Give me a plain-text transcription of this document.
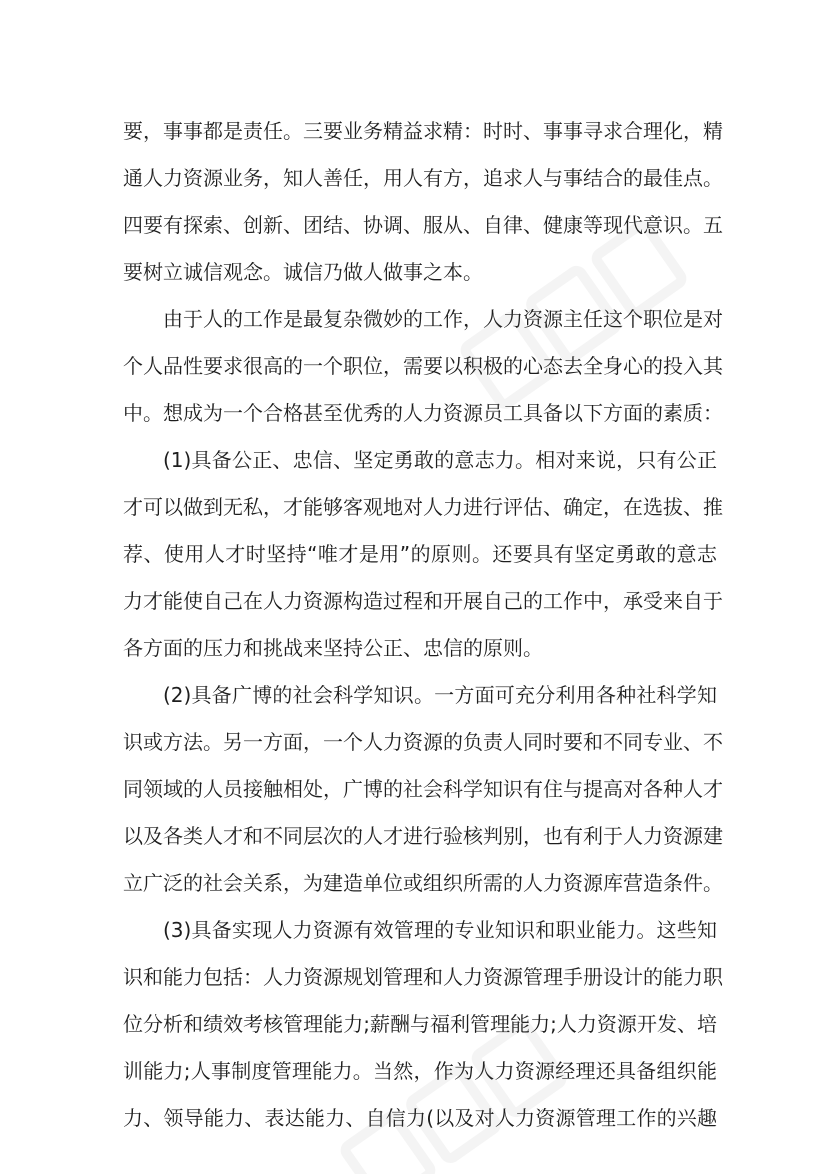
要，事事都是责任。三要业务精益求精：时时、事事寻求合理化，精
通人力资源业务，知人善任，用人有方，追求人与事结合的最佳点。
四要有探索、创新、团结、协调、服从、自律、健康等现代意识。五
要树立诚信观念。诚信乃做人做事之本。
由于人的工作是最复杂微妙的工作，人力资源主任这个职位是对
个人品性要求很高的一个职位，需要以积极的心态去全身心的投入其
中。想成为一个合格甚至优秀的人力资源员工具备以下方面的素质：
(1)具备公正、忠信、坚定勇敢的意志力。相对来说，只有公正
才可以做到无私，才能够客观地对人力进行评估、确定，在选拔、推
荐、使用人才时坚持“唯才是用”的原则。还要具有坚定勇敢的意志
力才能使自己在人力资源构造过程和开展自己的工作中，承受来自于
各方面的压力和挑战来坚持公正、忠信的原则。
(2)具备广博的社会科学知识。一方面可充分利用各种社科学知
识或方法。另一方面，一个人力资源的负责人同时要和不同专业、不
同领域的人员接触相处，广博的社会科学知识有住与提高对各种人才
以及各类人才和不同层次的人才进行验核判别，也有利于人力资源建
立广泛的社会关系，为建造单位或组织所需的人力资源库营造条件。
(3)具备实现人力资源有效管理的专业知识和职业能力。这些知
识和能力包括：人力资源规划管理和人力资源管理手册设计的能力职
位分析和绩效考核管理能力;薪酬与福利管理能力;人力资源开发、培
训能力;人事制度管理能力。当然，作为人力资源经理还具备组织能
力、领导能力、表达能力、自信力(以及对人力资源管理工作的兴趣
